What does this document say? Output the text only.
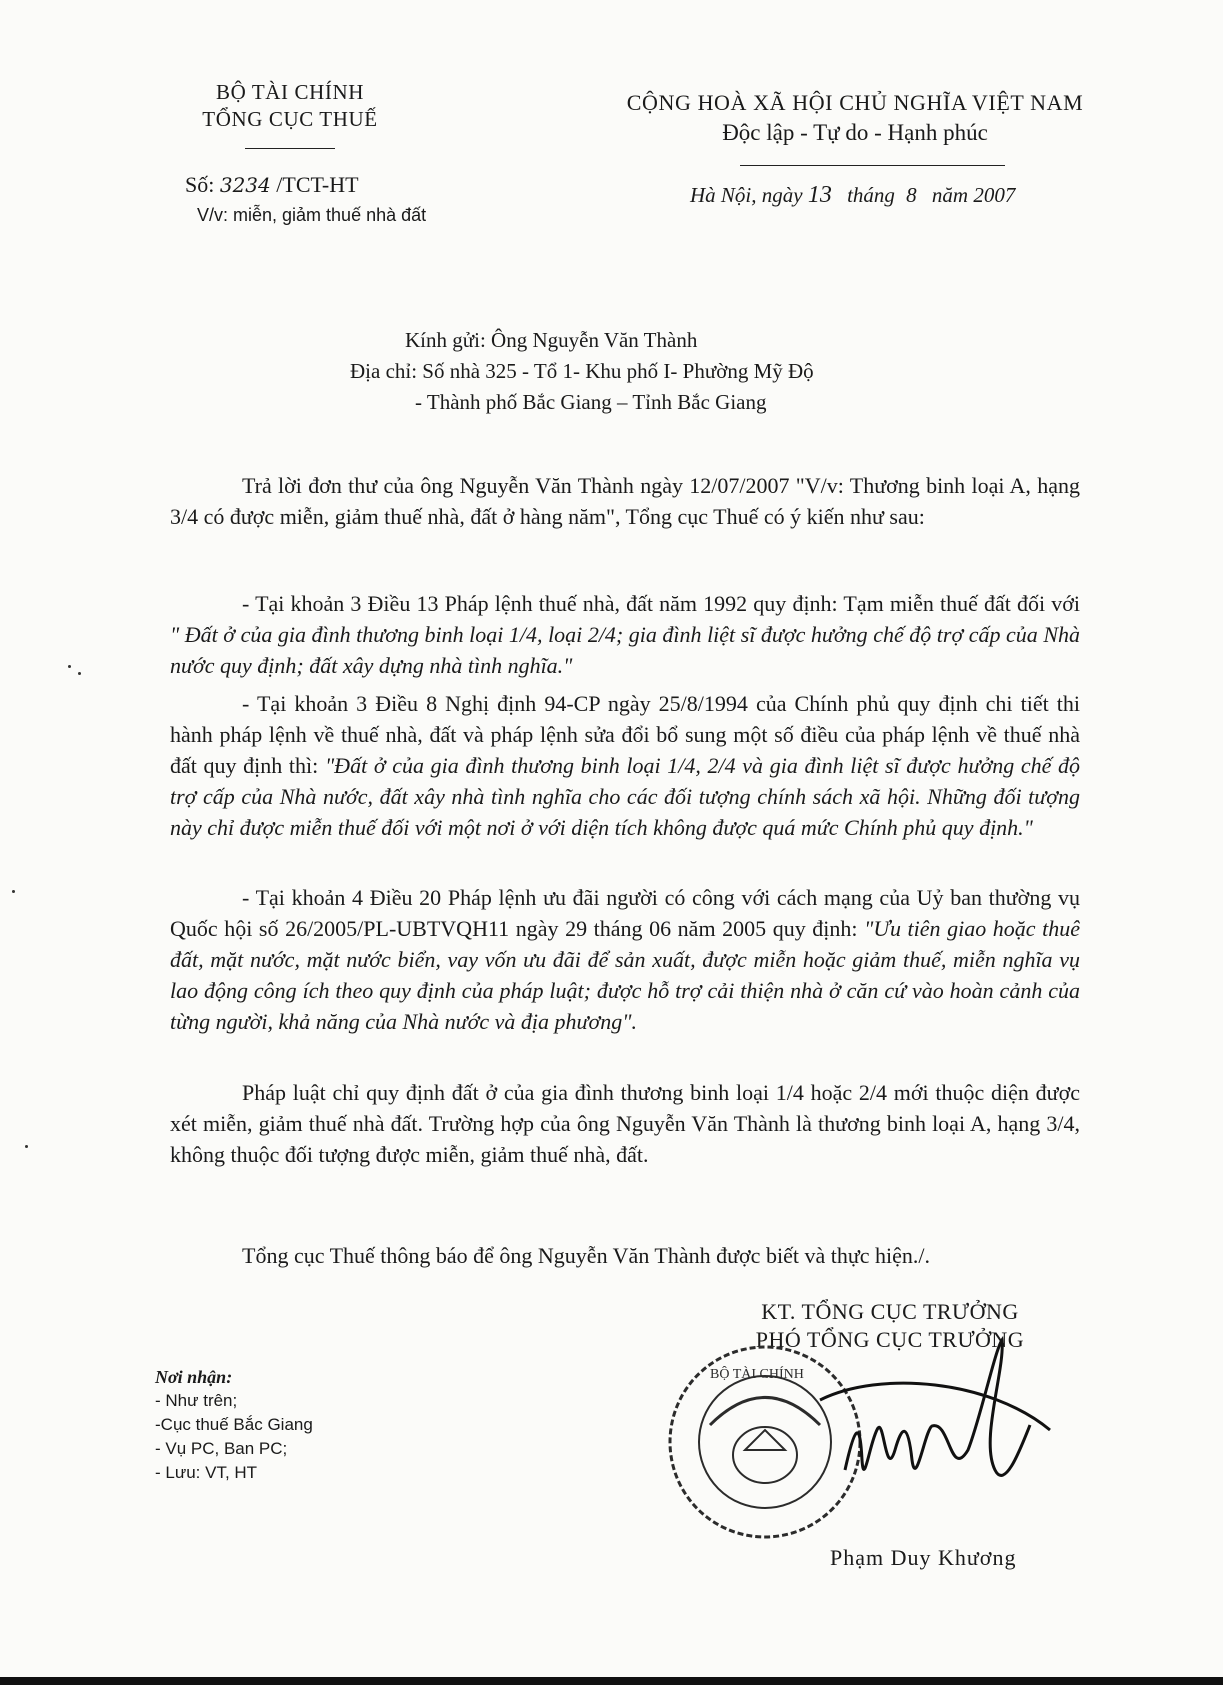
BỘ TÀI CHÍNH
TỔNG CỤC THUẾ
Số: 3234 /TCT-HT
V/v: miễn, giảm thuế nhà đất
CỘNG HOÀ XÃ HỘI CHỦ NGHĨA VIỆT NAM
Độc lập - Tự do - Hạnh phúc
Hà Nội, ngày 13 tháng 8 năm 2007
Kính gửi: Ông Nguyễn Văn Thành
Địa chỉ: Số nhà 325 - Tổ 1- Khu phố I- Phường Mỹ Độ
- Thành phố Bắc Giang – Tỉnh Bắc Giang

Trả lời đơn thư của ông Nguyễn Văn Thành ngày 12/07/2007 "V/v: Thương binh loại A, hạng 3/4 có được miễn, giảm thuế nhà, đất ở hàng năm", Tổng cục Thuế có ý kiến như sau:

- Tại khoản 3 Điều 13 Pháp lệnh thuế nhà, đất năm 1992 quy định: Tạm miễn thuế đất đối với " Đất ở của gia đình thương binh loại 1/4, loại 2/4; gia đình liệt sĩ được hưởng chế độ trợ cấp của Nhà nước quy định; đất xây dựng nhà tình nghĩa."

- Tại khoản 3 Điều 8 Nghị định 94-CP ngày 25/8/1994 của Chính phủ quy định chi tiết thi hành pháp lệnh về thuế nhà, đất và pháp lệnh sửa đổi bổ sung một số điều của pháp lệnh về thuế nhà đất quy định thì: "Đất ở của gia đình thương binh loại 1/4, 2/4 và gia đình liệt sĩ được hưởng chế độ trợ cấp của Nhà nước, đất xây nhà tình nghĩa cho các đối tượng chính sách xã hội. Những đối tượng này chỉ được miễn thuế đối với một nơi ở với diện tích không được quá mức Chính phủ quy định."

- Tại khoản 4 Điều 20 Pháp lệnh ưu đãi người có công với cách mạng của Uỷ ban thường vụ Quốc hội số 26/2005/PL-UBTVQH11 ngày 29 tháng 06 năm 2005 quy định: "Ưu tiên giao hoặc thuê đất, mặt nước, mặt nước biển, vay vốn ưu đãi để sản xuất, được miễn hoặc giảm thuế, miễn nghĩa vụ lao động công ích theo quy định của pháp luật; được hỗ trợ cải thiện nhà ở căn cứ vào hoàn cảnh của từng người, khả năng của Nhà nước và địa phương".

Pháp luật chỉ quy định đất ở của gia đình thương binh loại 1/4 hoặc 2/4 mới thuộc diện được xét miễn, giảm thuế nhà đất. Trường hợp của ông Nguyễn Văn Thành là thương binh loại A, hạng 3/4, không thuộc đối tượng được miễn, giảm thuế nhà, đất.

Tổng cục Thuế thông báo để ông Nguyễn Văn Thành được biết và thực hiện./.

KT. TỔNG CỤC TRƯỞNG
PHÓ TỔNG CỤC TRƯỞNG
BỘ TÀI CHÍNH
Nơi nhận:
- Như trên;
-Cục thuế Bắc Giang
- Vụ PC, Ban PC;
- Lưu: VT, HT
Phạm Duy Khương
